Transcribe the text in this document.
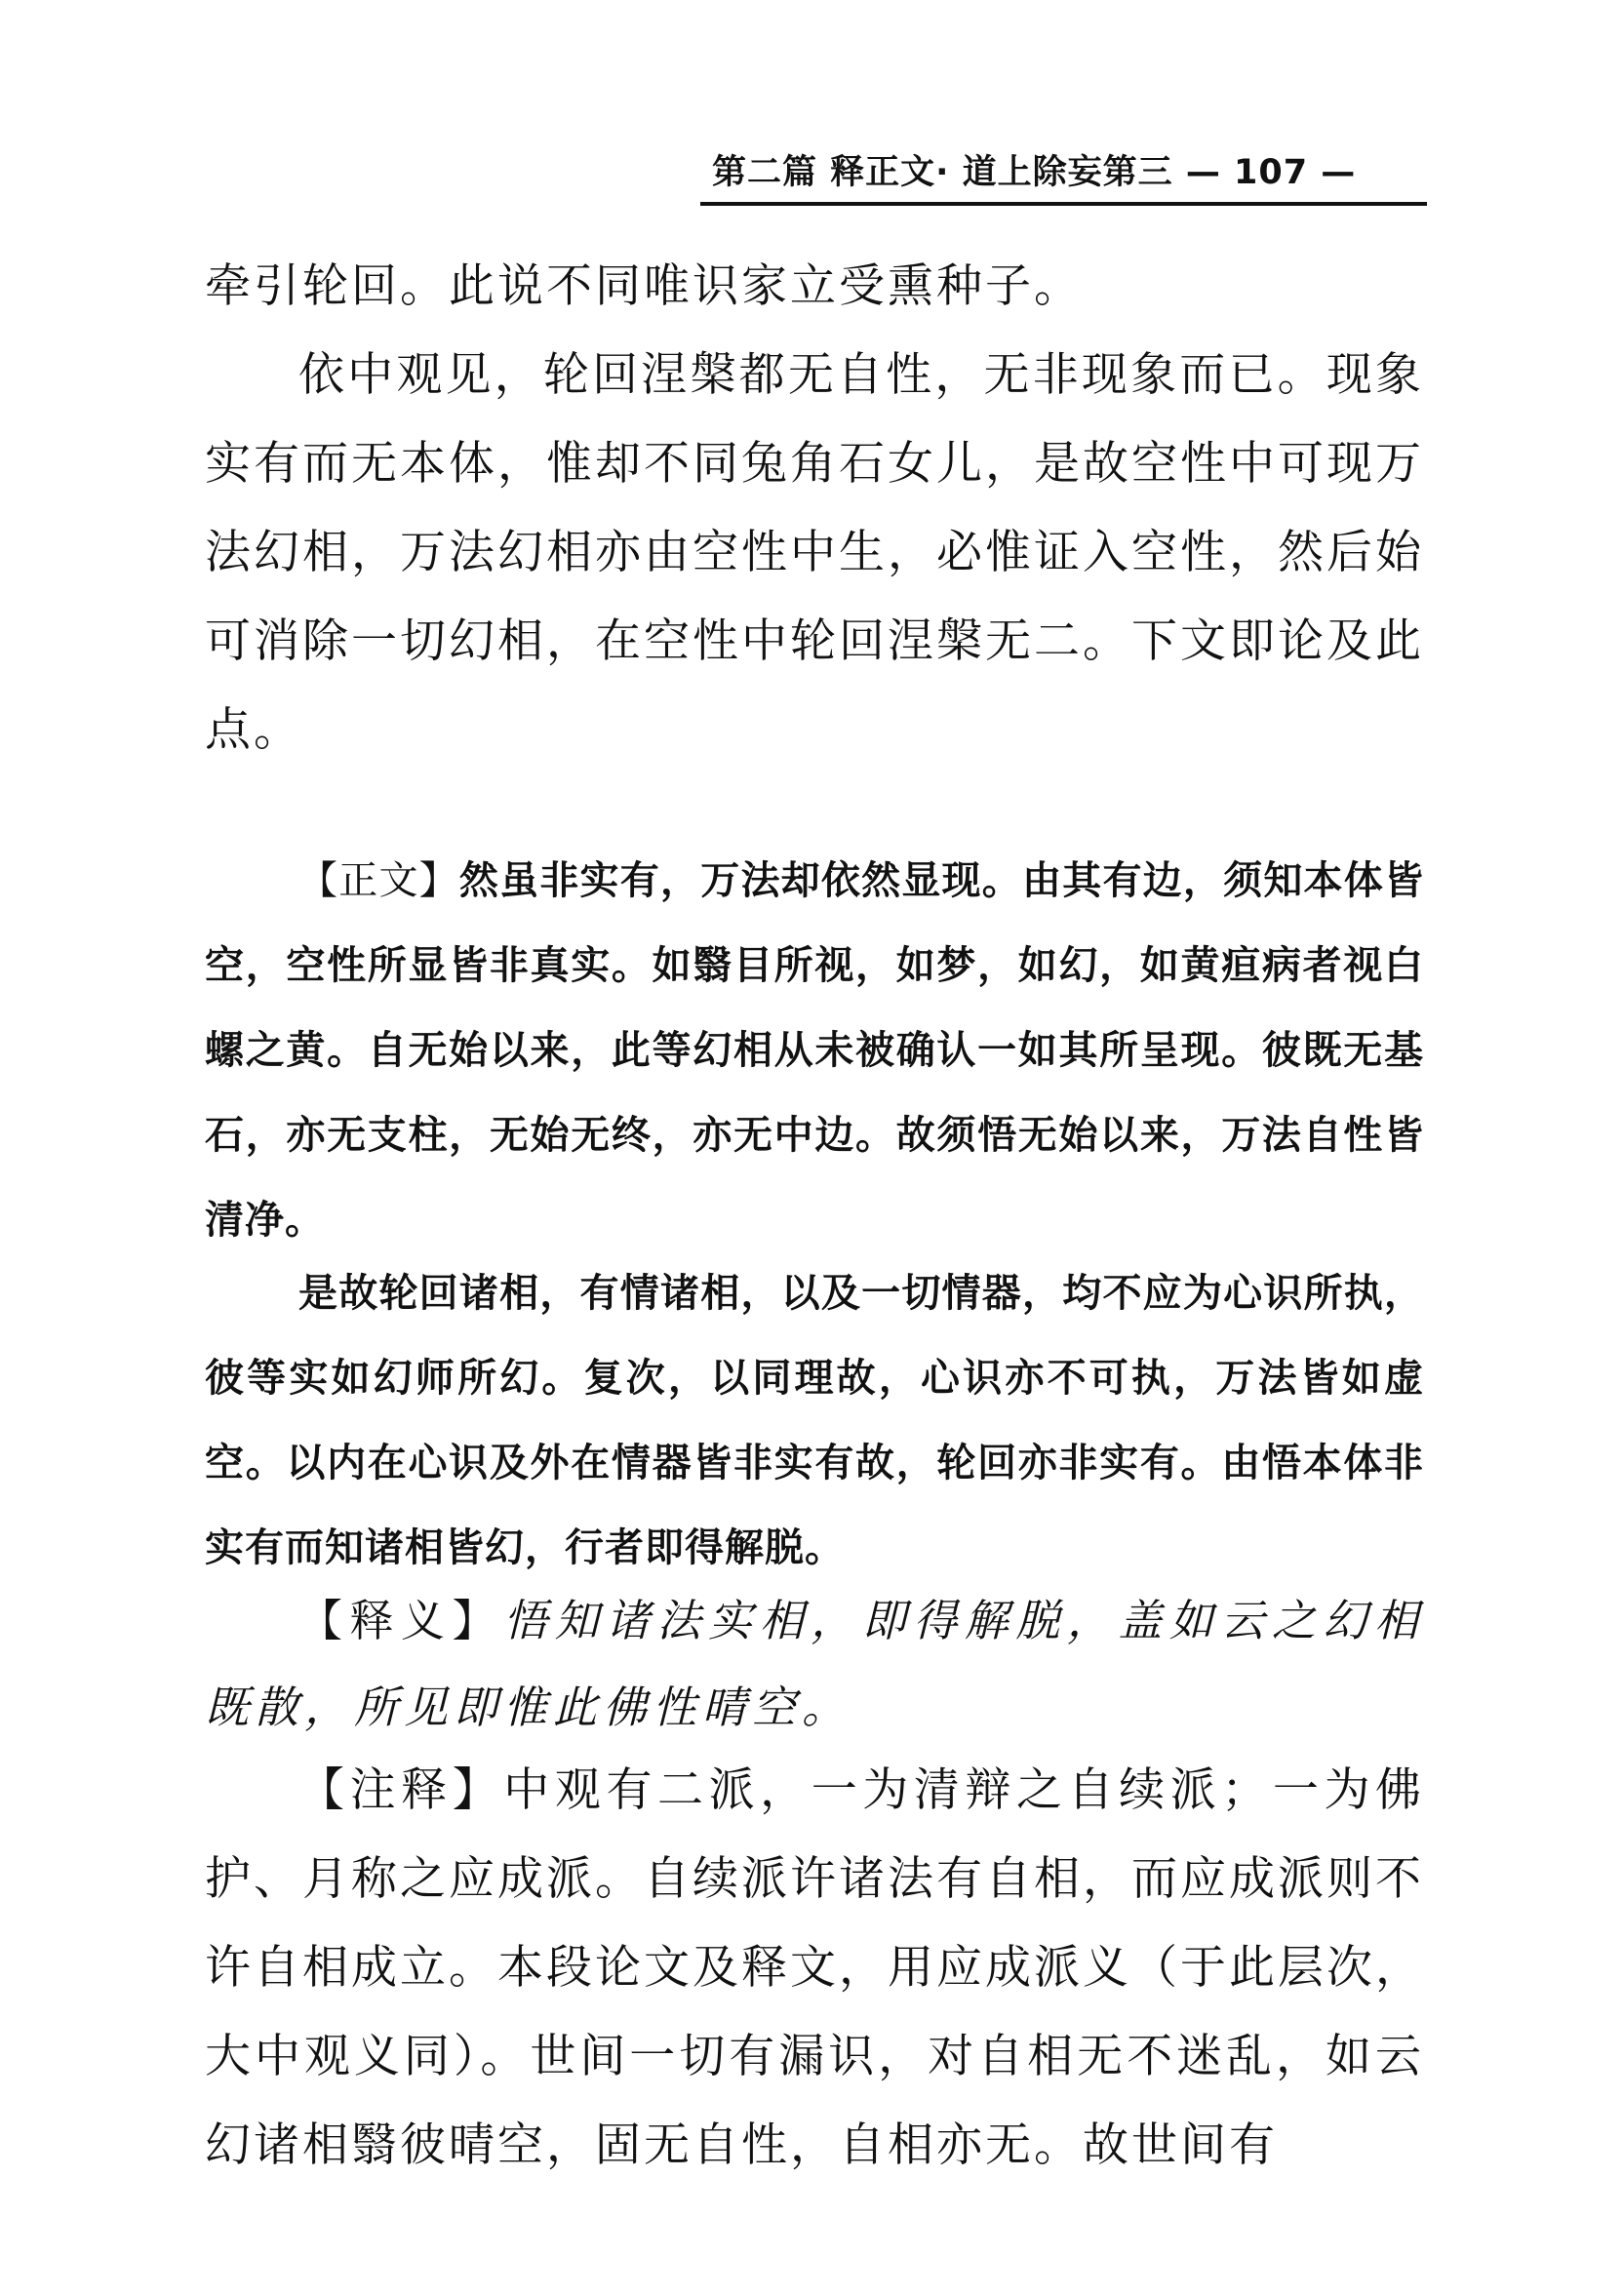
第二篇 释正文· 道上除妄第三 — 107 —

牵引轮回。此说不同唯识家立受熏种子。

依中观见，轮回涅槃都无自性，无非现象而已。现象实有而无本体，惟却不同兔角石女儿，是故空性中可现万法幻相，万法幻相亦由空性中生，必惟证入空性，然后始可消除一切幻相，在空性中轮回涅槃无二。下文即论及此点。

【正文】然虽非实有，万法却依然显现。由其有边，须知本体皆空，空性所显皆非真实。如翳目所视，如梦，如幻，如黄疸病者视白螺之黄。自无始以来，此等幻相从未被确认一如其所呈现。彼既无基石，亦无支柱，无始无终，亦无中边。故须悟无始以来，万法自性皆清净。

是故轮回诸相，有情诸相，以及一切情器，均不应为心识所执，彼等实如幻师所幻。复次，以同理故，心识亦不可执，万法皆如虚空。以内在心识及外在情器皆非实有故，轮回亦非实有。由悟本体非实有而知诸相皆幻，行者即得解脱。

【释义】悟知诸法实相，即得解脱，盖如云之幻相既散，所见即惟此佛性晴空。

【注释】中观有二派，一为清辩之自续派；一为佛护、月称之应成派。自续派许诸法有自相，而应成派则不许自相成立。本段论文及释文，用应成派义（于此层次，大中观义同）。世间一切有漏识，对自相无不迷乱，如云幻诸相翳彼晴空，固无自性，自相亦无。故世间有
